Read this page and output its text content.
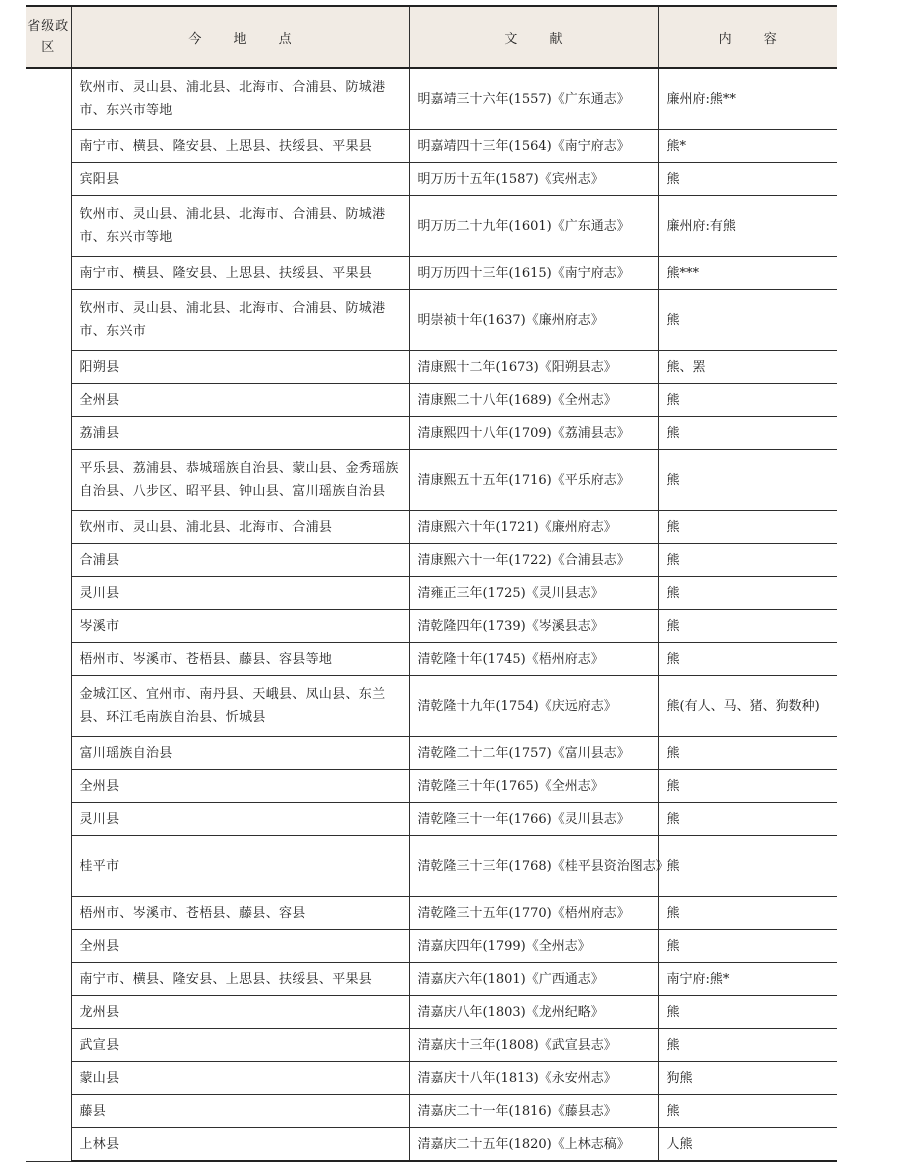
省级政区	今 地 点	文 献	内 容
	钦州市、灵山县、浦北县、北海市、合浦县、防城港市、东兴市等地	明嘉靖三十六年(1557)《广东通志》	廉州府:熊**
	南宁市、横县、隆安县、上思县、扶绥县、平果县	明嘉靖四十三年(1564)《南宁府志》	熊*
	宾阳县	明万历十五年(1587)《宾州志》	熊
	钦州市、灵山县、浦北县、北海市、合浦县、防城港市、东兴市等地	明万历二十九年(1601)《广东通志》	廉州府:有熊
	南宁市、横县、隆安县、上思县、扶绥县、平果县	明万历四十三年(1615)《南宁府志》	熊***
	钦州市、灵山县、浦北县、北海市、合浦县、防城港市、东兴市	明崇祯十年(1637)《廉州府志》	熊
	阳朔县	清康熙十二年(1673)《阳朔县志》	熊、罴
	全州县	清康熙二十八年(1689)《全州志》	熊
	荔浦县	清康熙四十八年(1709)《荔浦县志》	熊
	平乐县、荔浦县、恭城瑶族自治县、蒙山县、金秀瑶族自治县、八步区、昭平县、钟山县、富川瑶族自治县	清康熙五十五年(1716)《平乐府志》	熊
	钦州市、灵山县、浦北县、北海市、合浦县	清康熙六十年(1721)《廉州府志》	熊
	合浦县	清康熙六十一年(1722)《合浦县志》	熊
	灵川县	清雍正三年(1725)《灵川县志》	熊
	岑溪市	清乾隆四年(1739)《岑溪县志》	熊
	梧州市、岑溪市、苍梧县、藤县、容县等地	清乾隆十年(1745)《梧州府志》	熊
	金城江区、宜州市、南丹县、天峨县、凤山县、东兰县、环江毛南族自治县、忻城县	清乾隆十九年(1754)《庆远府志》	熊(有人、马、猪、狗数种)
	富川瑶族自治县	清乾隆二十二年(1757)《富川县志》	熊
	全州县	清乾隆三十年(1765)《全州志》	熊
	灵川县	清乾隆三十一年(1766)《灵川县志》	熊
	桂平市	清乾隆三十三年(1768)《桂平县资治图志》	熊
	梧州市、岑溪市、苍梧县、藤县、容县	清乾隆三十五年(1770)《梧州府志》	熊
	全州县	清嘉庆四年(1799)《全州志》	熊
	南宁市、横县、隆安县、上思县、扶绥县、平果县	清嘉庆六年(1801)《广西通志》	南宁府:熊*
	龙州县	清嘉庆八年(1803)《龙州纪略》	熊
	武宣县	清嘉庆十三年(1808)《武宣县志》	熊
	蒙山县	清嘉庆十八年(1813)《永安州志》	狗熊
	藤县	清嘉庆二十一年(1816)《藤县志》	熊
	上林县	清嘉庆二十五年(1820)《上林志稿》	人熊
